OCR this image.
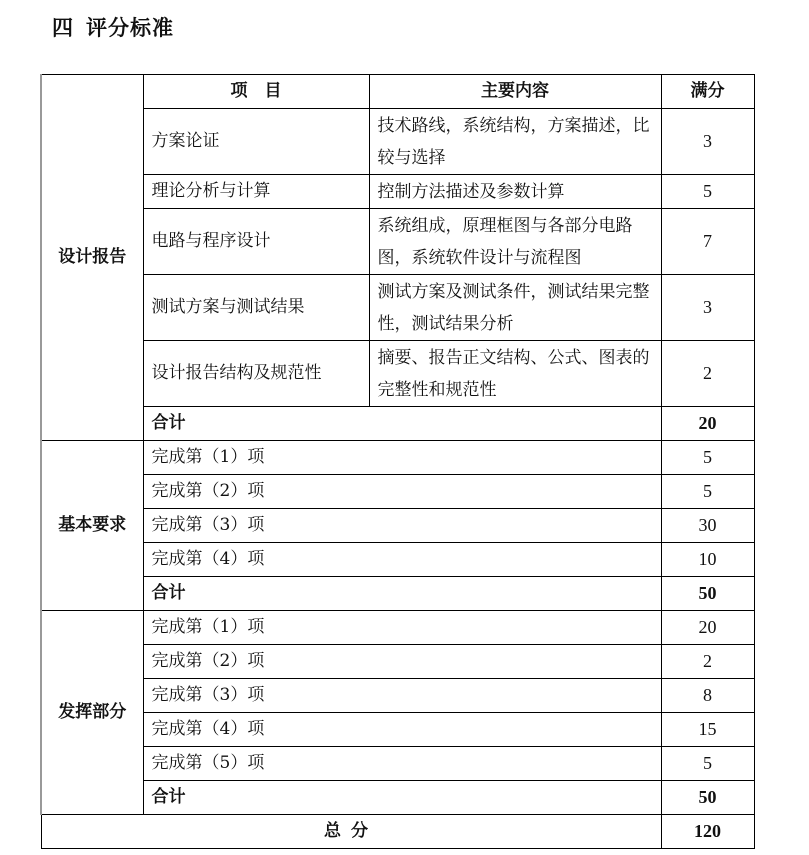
四 评分标准
设计报告	项　目	主要内容	满分
	方案论证	技术路线，系统结构，方案描述，比较与选择	3
	理论分析与计算	控制方法描述及参数计算	5
	电路与程序设计	系统组成，原理框图与各部分电路图，系统软件设计与流程图	7
	测试方案与测试结果	测试方案及测试条件，测试结果完整性，测试结果分析	3
	设计报告结构及规范性	摘要、报告正文结构、公式、图表的完整性和规范性	2
	合计		20
基本要求	完成第（1）项		5
	完成第（2）项		5
	完成第（3）项		30
	完成第（4）项		10
	合计		50
发挥部分	完成第（1）项		20
	完成第（2）项		2
	完成第（3）项		8
	完成第（4）项		15
	完成第（5）项		5
	合计		50
总分			120
